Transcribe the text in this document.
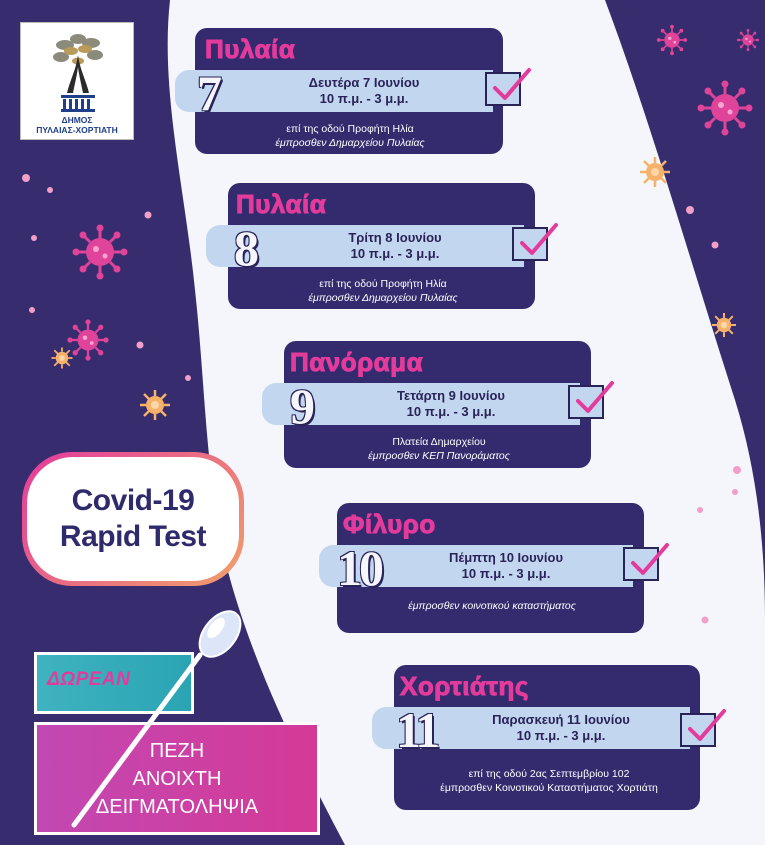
ΔΗΜΟΣ
ΠΥΛΑΙΑΣ-ΧΟΡΤΙΑΤΗ
Πυλαία
Δευτέρα 7 Ιουνίου
10 π.μ. - 3 μ.μ.
7
επί της οδού Προφήτη Ηλία
έμπροσθεν Δημαρχείου Πυλαίας
Πυλαία
Τρίτη 8 Ιουνίου
10 π.μ. - 3 μ.μ.
8
επί της οδού Προφήτη Ηλία
έμπροσθεν Δημαρχείου Πυλαίας
Πανόραμα
Τετάρτη 9 Ιουνίου
10 π.μ. - 3 μ.μ.
9
Πλατεία Δημαρχείου
έμπροσθεν ΚΕΠ Πανοράματος
Φίλυρο
Πέμπτη 10 Ιουνίου
10 π.μ. - 3 μ.μ.
10
έμπροσθεν κοινοτικού καταστήματος
Χορτιάτης
Παρασκευή 11 Ιουνίου
10 π.μ. - 3 μ.μ.
11
επί της οδού 2ας Σεπτεμβρίου 102
έμπροσθεν Κοινοτικού Καταστήματος Χορτιάτη
Covid-19
Rapid Test
ΔΩΡΕΑΝ
ΠΕΖΗ
ΑΝΟΙΧΤΗ
ΔΕΙΓΜΑΤΟΛΗΨΙΑ
